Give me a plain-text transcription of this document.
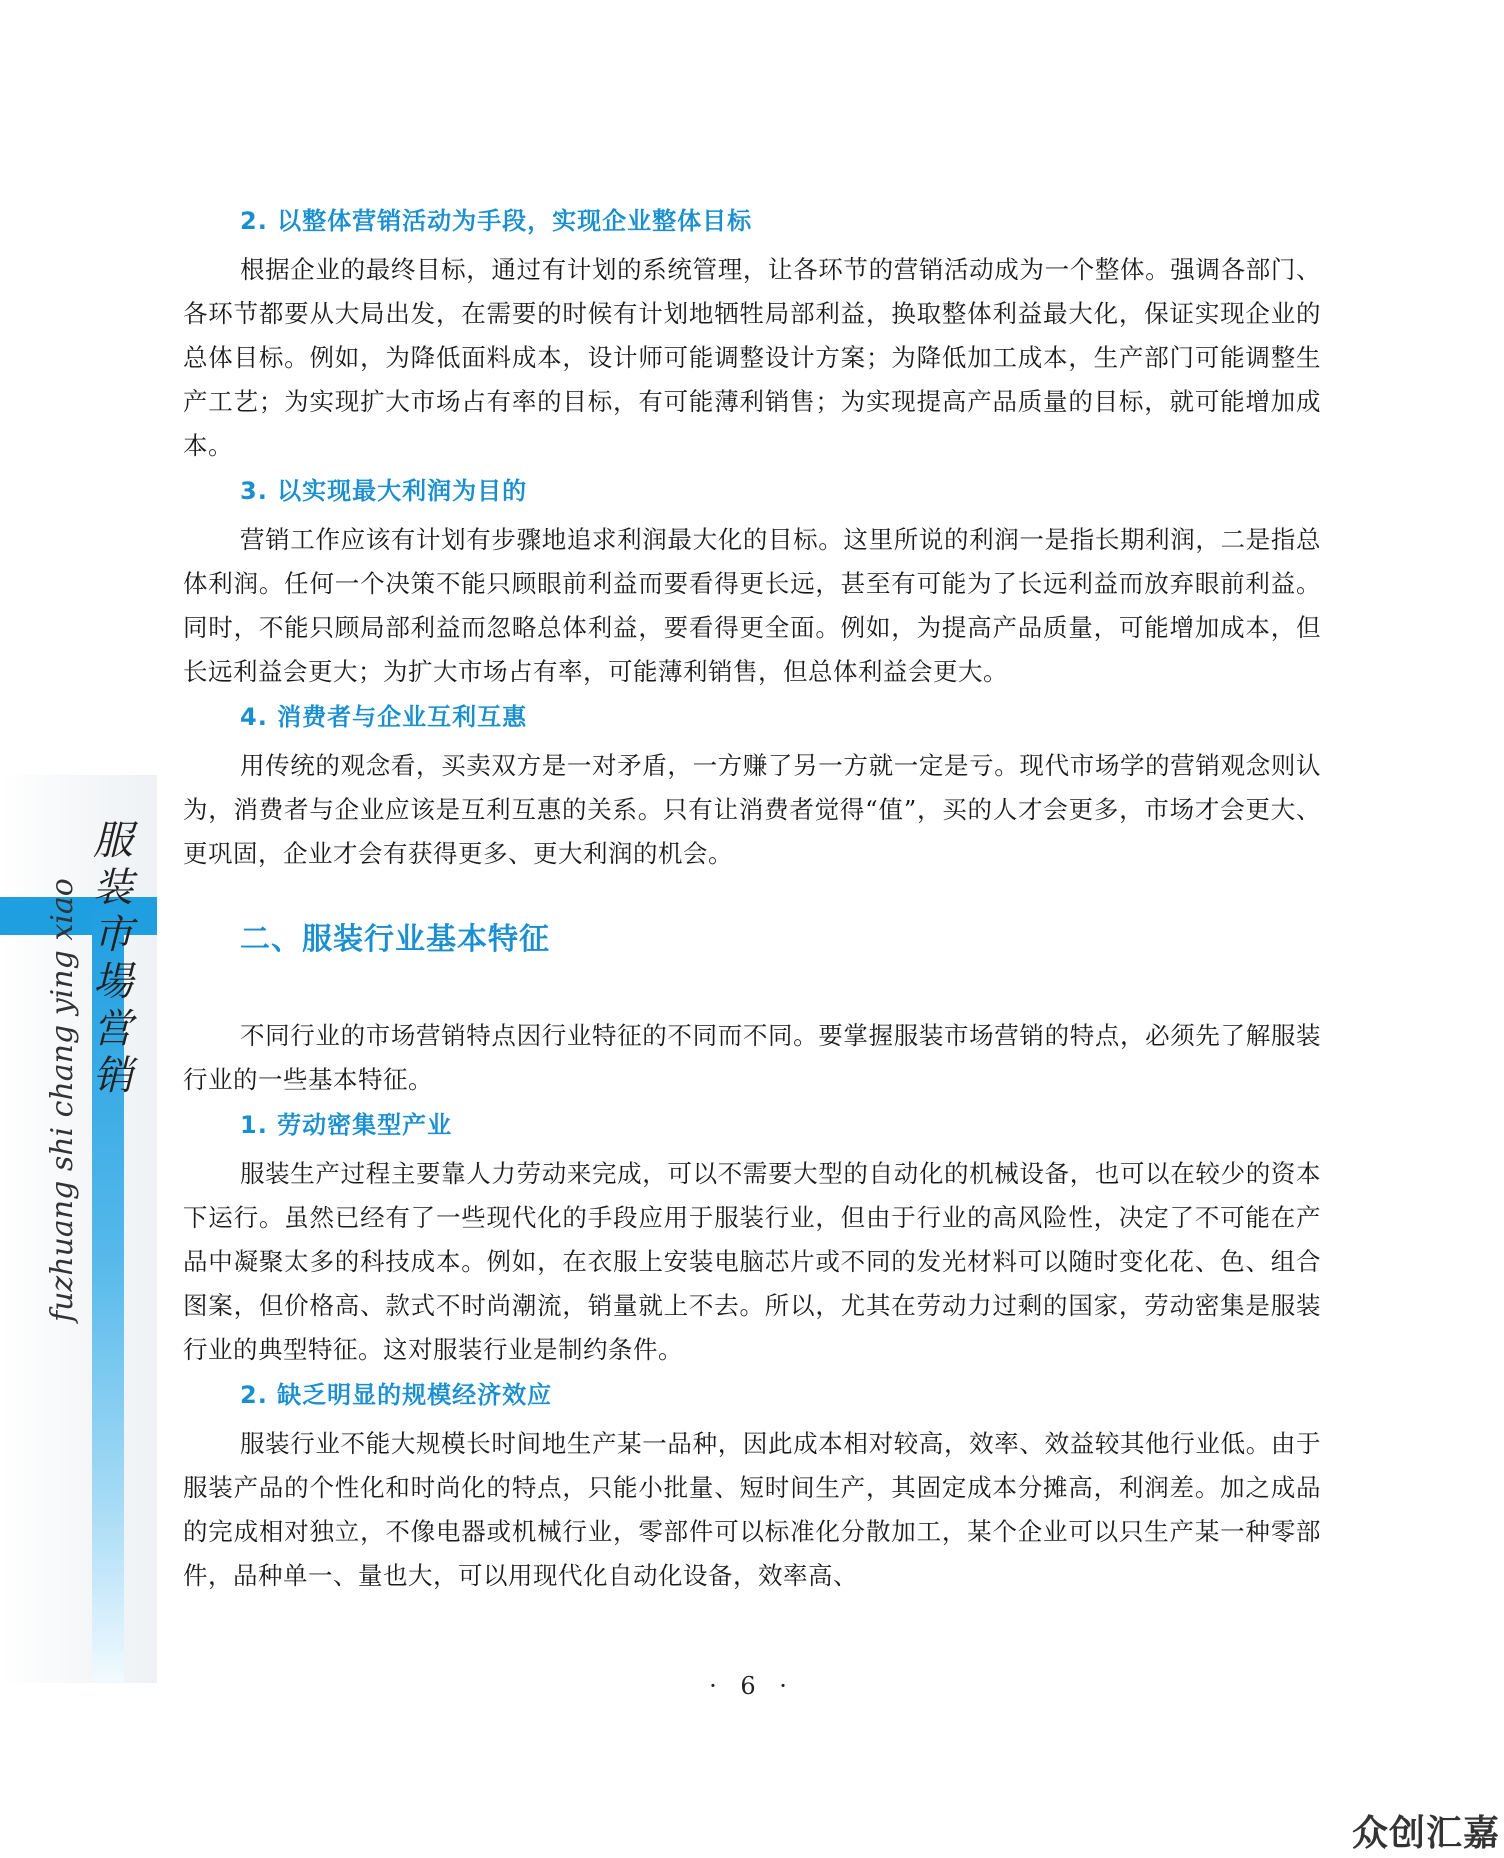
服
装
市
場
営
销
fuzhuang shi chang ying xiao
2. 以整体营销活动为手段，实现企业整体目标

根据企业的最终目标，通过有计划的系统管理，让各环节的营销活动成为一个整体。强调各部门、各环节都要从大局出发，在需要的时候有计划地牺牲局部利益，换取整体利益最大化，保证实现企业的总体目标。例如，为降低面料成本，设计师可能调整设计方案；为降低加工成本，生产部门可能调整生产工艺；为实现扩大市场占有率的目标，有可能薄利销售；为实现提高产品质量的目标，就可能增加成本。

3. 以实现最大利润为目的

营销工作应该有计划有步骤地追求利润最大化的目标。这里所说的利润一是指长期利润，二是指总体利润。任何一个决策不能只顾眼前利益而要看得更长远，甚至有可能为了长远利益而放弃眼前利益。同时，不能只顾局部利益而忽略总体利益，要看得更全面。例如，为提高产品质量，可能增加成本，但长远利益会更大；为扩大市场占有率，可能薄利销售，但总体利益会更大。

4. 消费者与企业互利互惠

用传统的观念看，买卖双方是一对矛盾，一方赚了另一方就一定是亏。现代市场学的营销观念则认为，消费者与企业应该是互利互惠的关系。只有让消费者觉得“值”，买的人才会更多，市场才会更大、更巩固，企业才会有获得更多、更大利润的机会。

二、服装行业基本特征

不同行业的市场营销特点因行业特征的不同而不同。要掌握服装市场营销的特点，必须先了解服装行业的一些基本特征。

1. 劳动密集型产业

服装生产过程主要靠人力劳动来完成，可以不需要大型的自动化的机械设备，也可以在较少的资本下运行。虽然已经有了一些现代化的手段应用于服装行业，但由于行业的高风险性，决定了不可能在产品中凝聚太多的科技成本。例如，在衣服上安装电脑芯片或不同的发光材料可以随时变化花、色、组合图案，但价格高、款式不时尚潮流，销量就上不去。所以，尤其在劳动力过剩的国家，劳动密集是服装行业的典型特征。这对服装行业是制约条件。

2. 缺乏明显的规模经济效应

服装行业不能大规模长时间地生产某一品种，因此成本相对较高，效率、效益较其他行业低。由于服装产品的个性化和时尚化的特点，只能小批量、短时间生产，其固定成本分摊高，利润差。加之成品的完成相对独立，不像电器或机械行业，零部件可以标准化分散加工，某个企业可以只生产某一种零部件，品种单一、量也大，可以用现代化自动化设备，效率高、

· 6 ·
众创汇嘉
